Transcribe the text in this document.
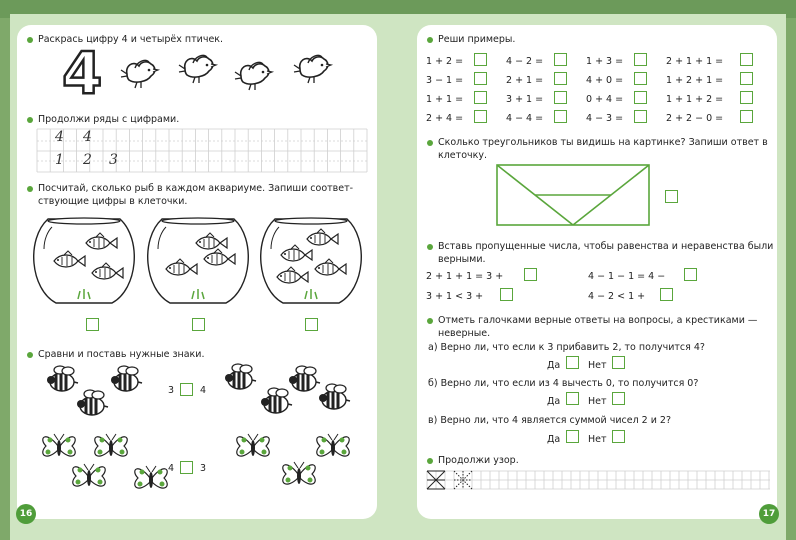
Раскрась цифру 4 и четырёх птичек.
4
Продолжи ряды с цифрами.
4 4
1 2 3
Посчитай, сколько рыб в каждом аквариуме. Запиши соответ-
ствующие цифры в клеточки.
Сравни и поставь нужные знаки.
3	4
4	3
16
Реши примеры.
1 + 2 =	4 − 2 =	1 + 3 =	2 + 1 + 1 =
3 − 1 =	2 + 1 =	4 + 0 =	1 + 2 + 1 =
1 + 1 =	3 + 1 =	0 + 4 =	1 + 1 + 2 =
2 + 4 =	4 − 4 =	4 − 3 =	2 + 2 − 0 =
Сколько треугольников ты видишь на картинке? Запиши ответ в
клеточку.
Вставь пропущенные числа, чтобы равенства и неравенства были
верными.
2 + 1 + 1 = 3 +	4 − 1 − 1 = 4 −
3 + 1 < 3 +	4 − 2 < 1 +
Отметь галочками верные ответы на вопросы, а крестиками —
неверные.
а) Верно ли, что если к 3 прибавить 2, то получится 4?
Да	Нет
б) Верно ли, что если из 4 вычесть 0, то получится 0?
Да	Нет
в) Верно ли, что 4 является суммой чисел 2 и 2?
Да	Нет
Продолжи узор.
17
